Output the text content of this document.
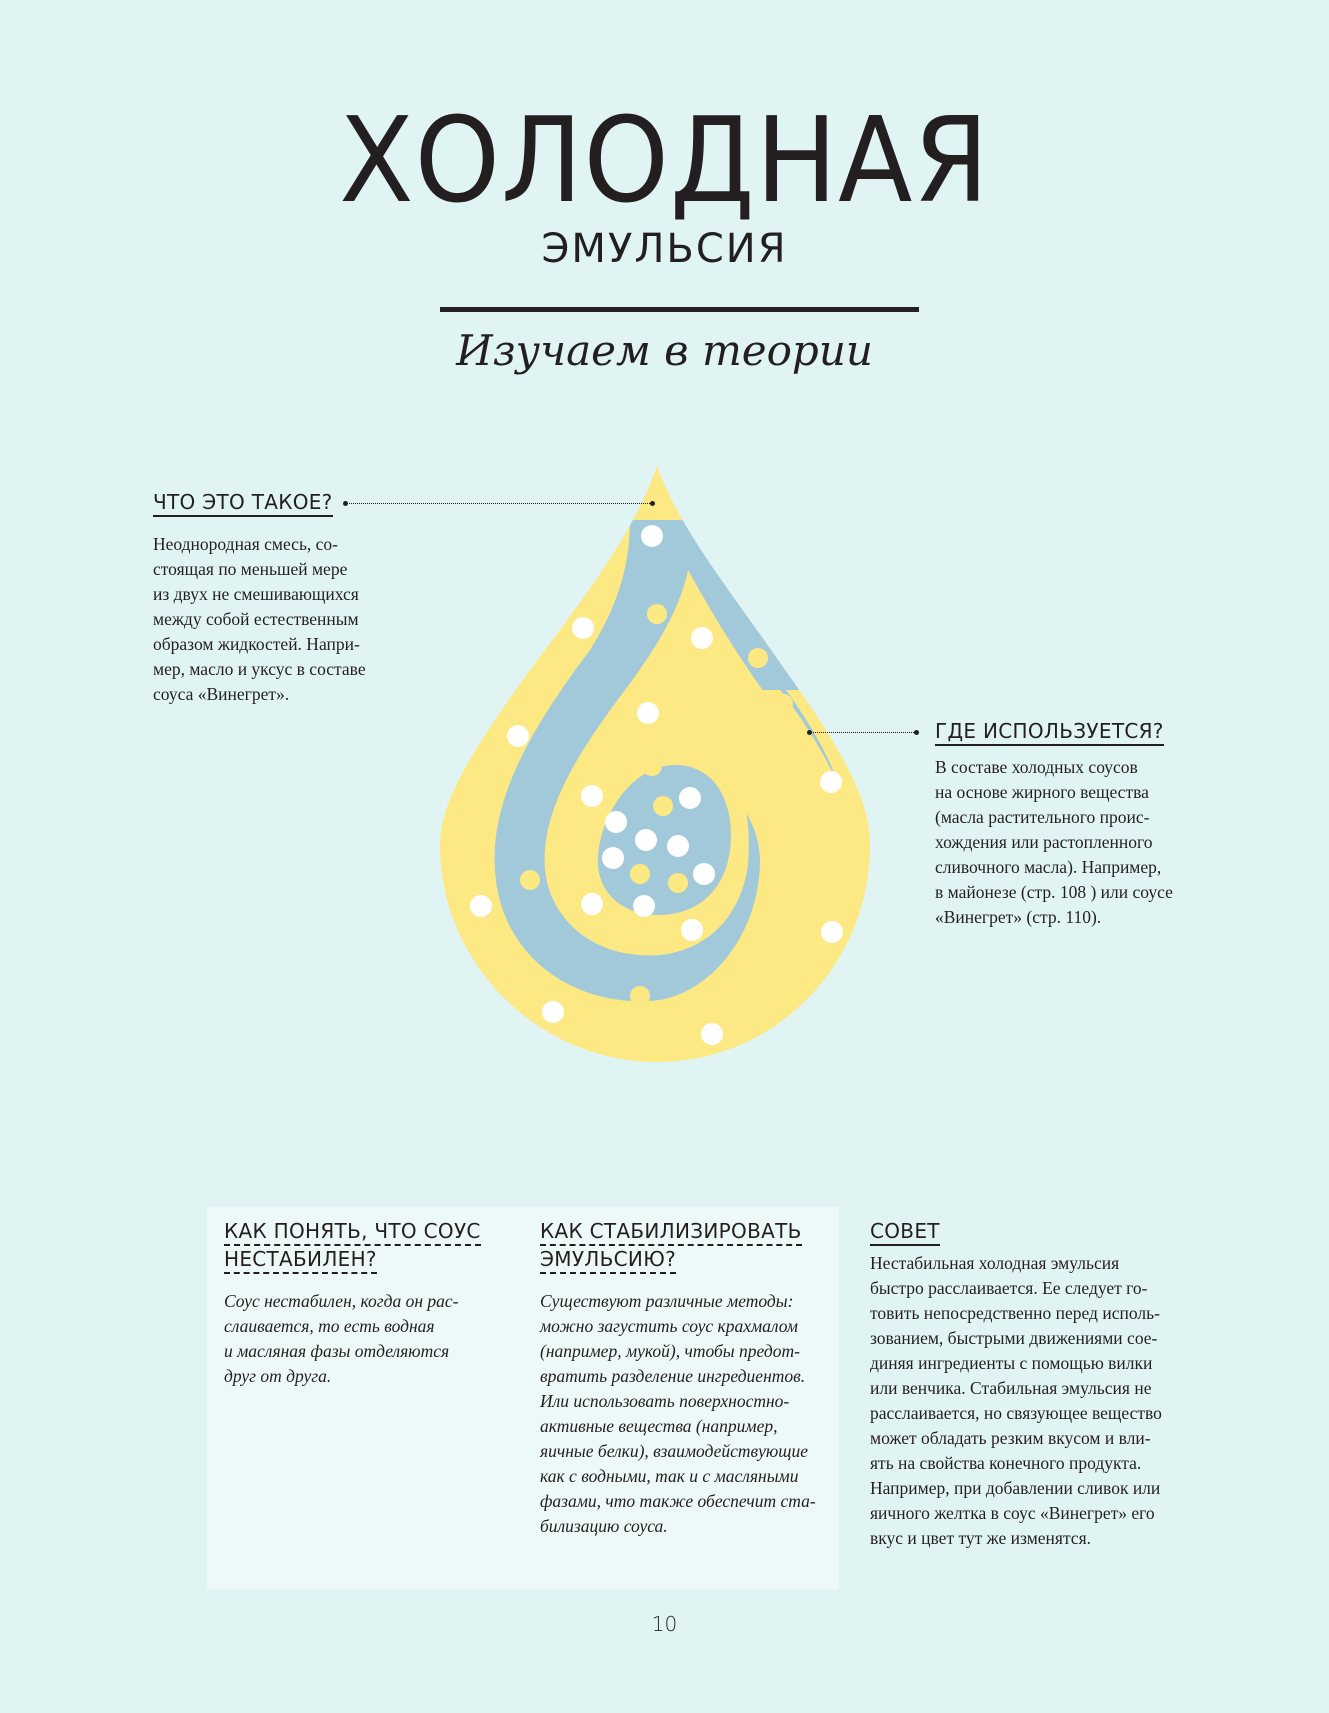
ХОЛОДНАЯ
ЭМУЛЬСИЯ
Изучаем в теории
ЧТО ЭТО ТАКОЕ?
Неоднородная смесь, со-
стоящая по меньшей мере
из двух не смешивающихся
между собой естественным
образом жидкостей. Напри-
мер, масло и уксус в составе
соуса «Винегрет».
ГДЕ ИСПОЛЬЗУЕТСЯ?
В составе холодных соусов
на основе жирного вещества
(масла растительного проис-
хождения или растопленного
сливочного масла). Например,
в майонезе (стр. 108 ) или соусе
«Винегрет» (стр. 110).
КАК ПОНЯТЬ, ЧТО СОУС
НЕСТАБИЛЕН?
Соус нестабилен, когда он рас-
слаивается, то есть водная
и масляная фазы отделяются
друг от друга.
КАК СТАБИЛИЗИРОВАТЬ
ЭМУЛЬСИЮ?
Существуют различные методы:
можно загустить соус крахмалом
(например, мукой), чтобы предот-
вратить разделение ингредиентов.
Или использовать поверхностно-
активные вещества (например,
яичные белки), взаимодействующие
как с водными, так и с масляными
фазами, что также обеспечит ста-
билизацию соуса.
СОВЕТ
Нестабильная холодная эмульсия
быстро расслаивается. Ее следует го-
товить непосредственно перед исполь-
зованием, быстрыми движениями сое-
диняя ингредиенты с помощью вилки
или венчика. Стабильная эмульсия не
расслаивается, но связующее вещество
может обладать резким вкусом и вли-
ять на свойства конечного продукта.
Например, при добавлении сливок или
яичного желтка в соус «Винегрет» его
вкус и цвет тут же изменятся.
10
